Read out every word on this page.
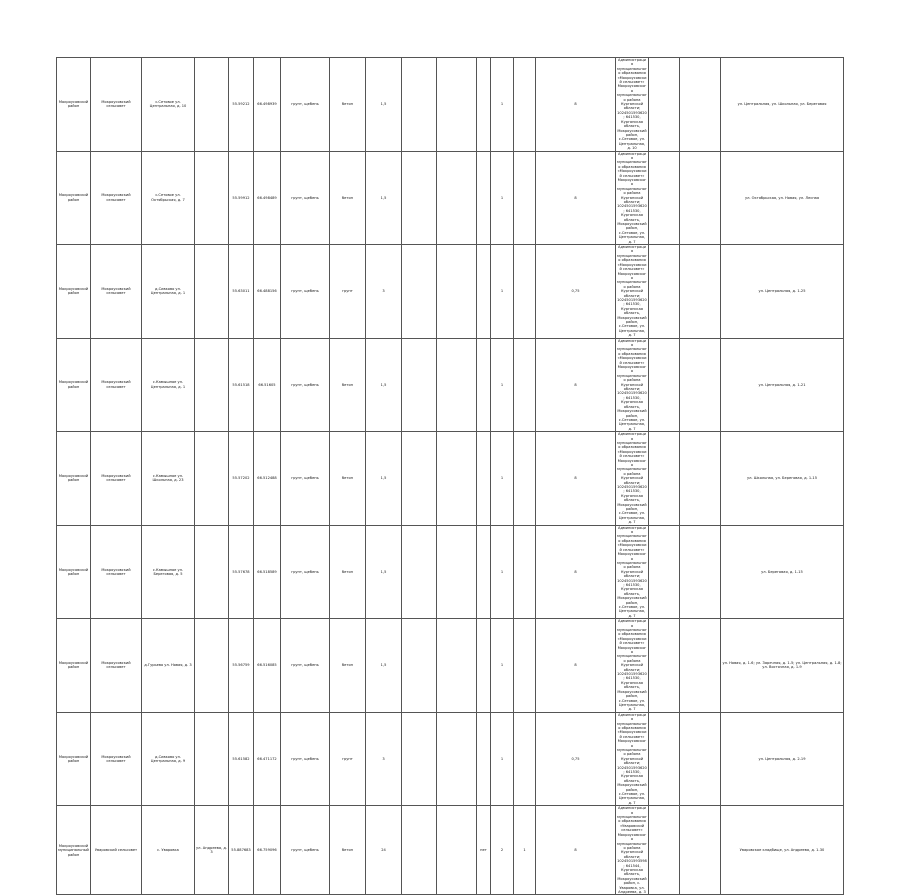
Мокроусовский район	Мокроусовский сельсовет	с.Сетовое ул. Центральная, д. 10		55.59212	66.498939	грунт, щебень	бетон	1,5				1		8	Администрация муниципального образования «Мокроусовский сельсовет» Мокроусовского муниципального района Курганской области; 1024501593620; 641530, Курганская область, Мокроусовский район, с.Сетовое, ул. Центральная, д. 10			ул. Центральная, ул. Школьная, ул. Береговая
Мокроусовский район	Мокроусовский сельсовет	с.Сетовое ул. Октябрьская, д. 7		55.59912	66.498489	грунт, щебень	бетон	1,5				1		8	Администрация муниципального образования «Мокроусовский сельсовет» Мокроусовского муниципального района Курганской области; 1024501593620; 641530, Курганская область, Мокроусовский район, с.Сетовое, ул. Центральная, д. 7			ул. Октябрьская, ул. Новая, ул. Лесная
Мокроусовский район	Мокроусовский сельсовет	д.Сивково ул. Центральная, д. 1		55.63011	66.488156	грунт, щебень	грунт	3				1		0,75	Администрация муниципального образования «Мокроусовский сельсовет» Мокроусовского муниципального района Курганской области; 1024501593620; 641530, Курганская область, Мокроусовский район, с.Сетовое, ул. Центральная, д. 7			ул. Центральная, д. 1-25
Мокроусовский район	Мокроусовский сельсовет	с.Камышное ул. Центральная, д. 1		55.61518	66.51605	грунт, щебень	бетон	1,5				1		8	Администрация муниципального образования «Мокроусовский сельсовет» Мокроусовского муниципального района Курганской области; 1024501593620; 641530, Курганская область, Мокроусовский район, с.Сетовое, ул. Центральная, д. 7			ул. Центральная, д. 1-21
Мокроусовский район	Мокроусовский сельсовет	с.Камышное ул. Школьная, д. 23		55.57202	66.512488	грунт, щебень	бетон	1,5				1		8	Администрация муниципального образования «Мокроусовский сельсовет» Мокроусовского муниципального района Курганской области; 1024501593620; 641530, Курганская область, Мокроусовский район, с.Сетовое, ул. Центральная, д. 7			ул. Школьная, ул. Береговая, д. 1-15
Мокроусовский район	Мокроусовский сельсовет	с.Камышное ул. Береговая, д. 5		55.57678	66.518589	грунт, щебень	бетон	1,5				1		8	Администрация муниципального образования «Мокроусовский сельсовет» Мокроусовского муниципального района Курганской области; 1024501593620; 641530, Курганская область, Мокроусовский район, с.Сетовое, ул. Центральная, д. 7			ул. Береговая, д. 1-15
Мокроусовский район	Мокроусовский сельсовет	д.Гурьево ул. Новая, д. 3		55.56759	66.516085	грунт, щебень	бетон	1,5				1		8	Администрация муниципального образования «Мокроусовский сельсовет» Мокроусовского муниципального района Курганской области; 1024501593620; 641530, Курганская область, Мокроусовский район, с.Сетовое, ул. Центральная, д. 7			ул. Новая, д. 1-6; ул. Заречная, д. 1-5; ул. Центральная, д. 1-8; ул. Восточная, д. 1-9
Мокроусовский район	Мокроусовский сельсовет	д.Сивково ул. Центральная, д. 9		55.61582	66.471172	грунт, щебень	грунт	3				1		0,75	Администрация муниципального образования «Мокроусовский сельсовет» Мокроусовского муниципального района Курганской области; 1024501593620; 641530, Курганская область, Мокроусовский район, с.Сетовое, ул. Центральная, д. 7			ул. Центральная, д. 2-19
Мокроусовский муниципальный район	Уваровский сельсовет	с. Уваровка	ул. Андреева, д. 3	55.887683	66.759096	грунт, щебень	бетон	24			нет	2	1	8	Администрация муниципального образования «Уваровский сельсовет» Мокроусовского муниципального района Курганской области; 1024501593598; 641544, Курганская область, Мокроусовский район, с. Уваровка, ул. Андреева, д. 3			Уваровское кладбище, ул. Андреева, д. 1-30
